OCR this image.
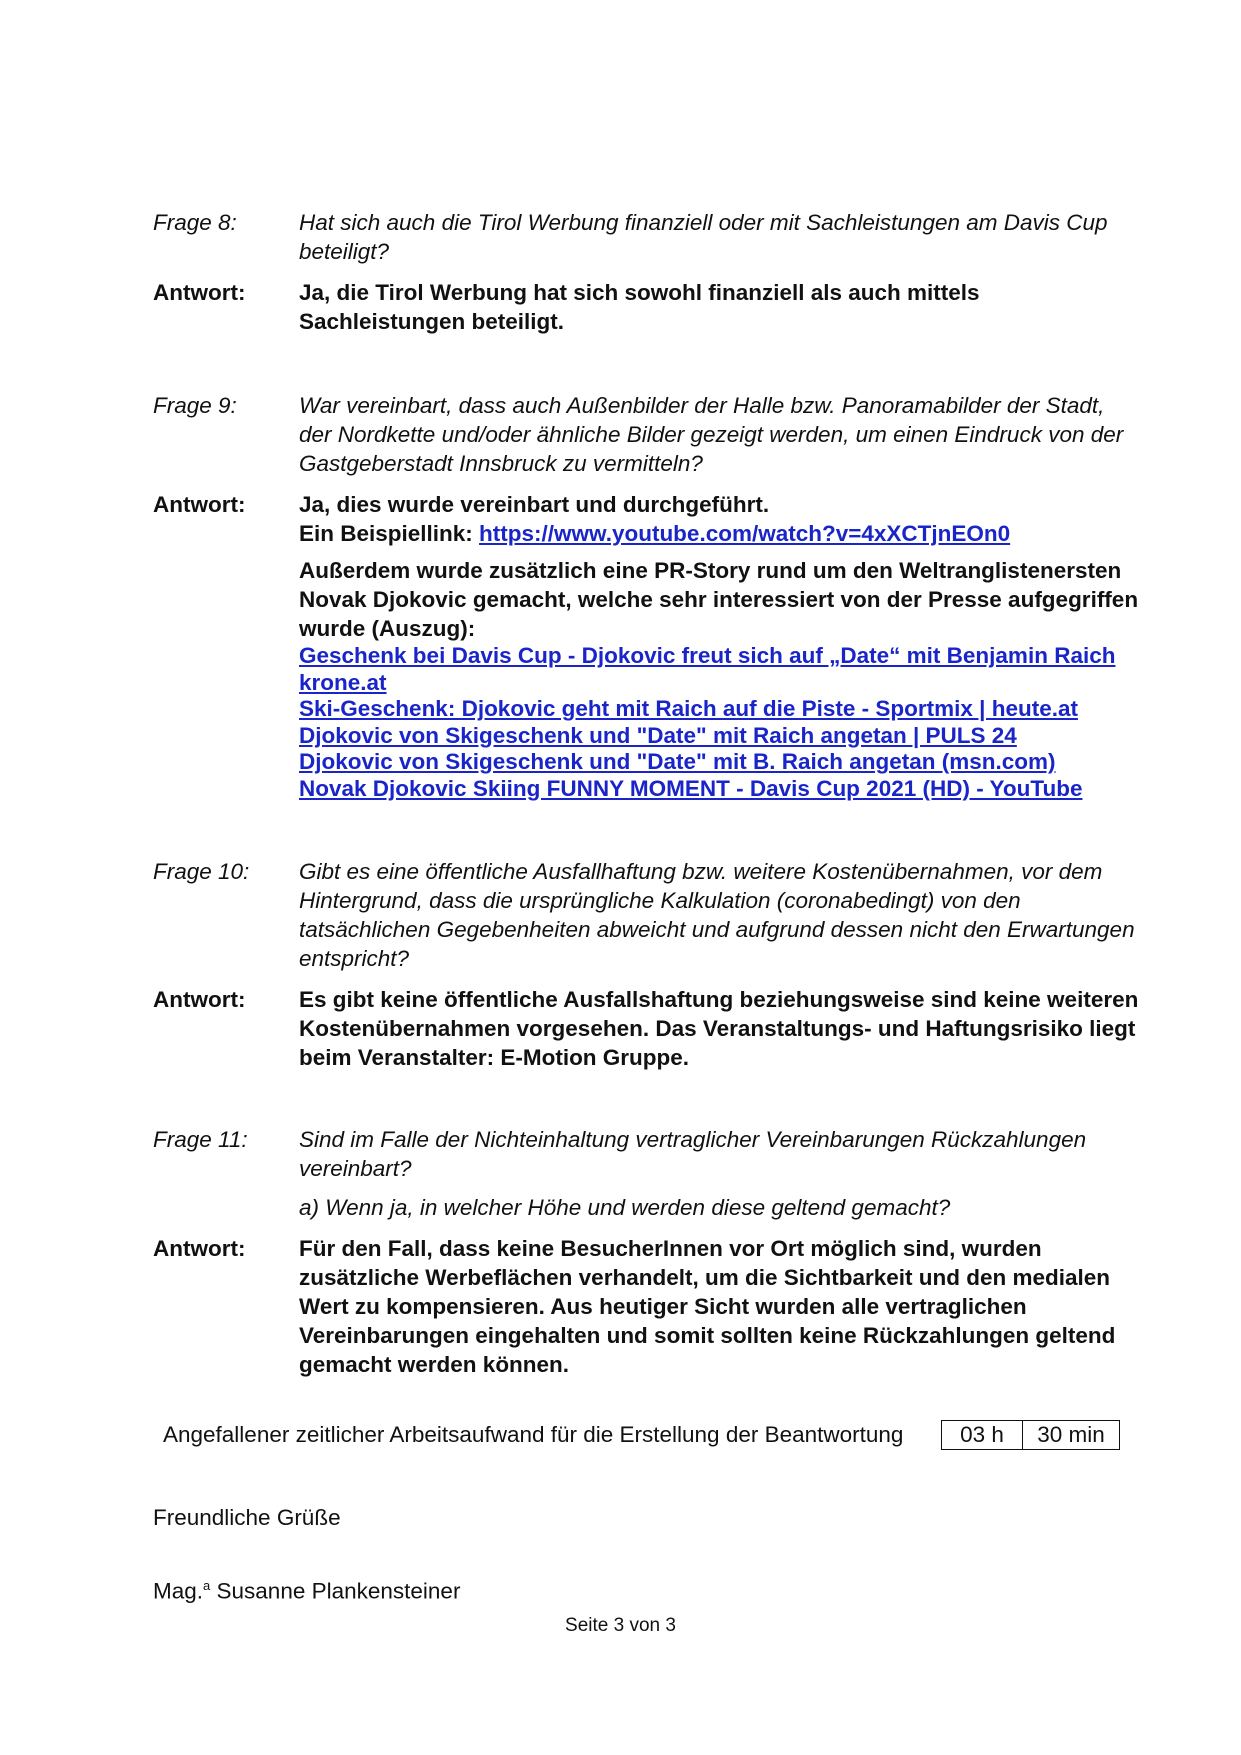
Frage 8:	Hat sich auch die Tirol Werbung finanziell oder mit Sachleistungen am Davis Cup beteiligt?
Antwort:	Ja, die Tirol Werbung hat sich sowohl finanziell als auch mittels Sachleistungen beteiligt.
Frage 9:	War vereinbart, dass auch Außenbilder der Halle bzw. Panoramabilder der Stadt, der Nordkette und/oder ähnliche Bilder gezeigt werden, um einen Eindruck von der Gastgeberstadt Innsbruck zu vermitteln?
Antwort:	Ja, dies wurde vereinbart und durchgeführt.
Ein Beispiellink: https://www.youtube.com/watch?v=4xXCTjnEOn0
Außerdem wurde zusätzlich eine PR-Story rund um den Weltranglistenersten Novak Djokovic gemacht, welche sehr interessiert von der Presse aufgegriffen wurde (Auszug):
Geschenk bei Davis Cup - Djokovic freut sich auf „Date“ mit Benjamin Raich krone.at
Ski-Geschenk: Djokovic geht mit Raich auf die Piste - Sportmix | heute.at
Djokovic von Skigeschenk und "Date" mit Raich angetan | PULS 24
Djokovic von Skigeschenk und "Date" mit B. Raich angetan (msn.com)
Novak Djokovic Skiing FUNNY MOMENT - Davis Cup 2021 (HD) - YouTube
Frage 10:	Gibt es eine öffentliche Ausfallhaftung bzw. weitere Kostenübernahmen, vor dem Hintergrund, dass die ursprüngliche Kalkulation (coronabedingt) von den tatsächlichen Gegebenheiten abweicht und aufgrund dessen nicht den Erwartungen entspricht?
Antwort:	Es gibt keine öffentliche Ausfallshaftung beziehungsweise sind keine weiteren Kostenübernahmen vorgesehen. Das Veranstaltungs- und Haftungsrisiko liegt beim Veranstalter: E-Motion Gruppe.
Frage 11:	Sind im Falle der Nichteinhaltung vertraglicher Vereinbarungen Rückzahlungen vereinbart?
a) Wenn ja, in welcher Höhe und werden diese geltend gemacht?
Antwort:	Für den Fall, dass keine BesucherInnen vor Ort möglich sind, wurden zusätzliche Werbeflächen verhandelt, um die Sichtbarkeit und den medialen Wert zu kompensieren. Aus heutiger Sicht wurden alle vertraglichen Vereinbarungen eingehalten und somit sollten keine Rückzahlungen geltend gemacht werden können.
Angefallener zeitlicher Arbeitsaufwand für die Erstellung der Beantwortung	03 h	30 min
Freundliche Grüße
Mag.$^a$ Susanne Plankensteiner
Seite 3 von 3
